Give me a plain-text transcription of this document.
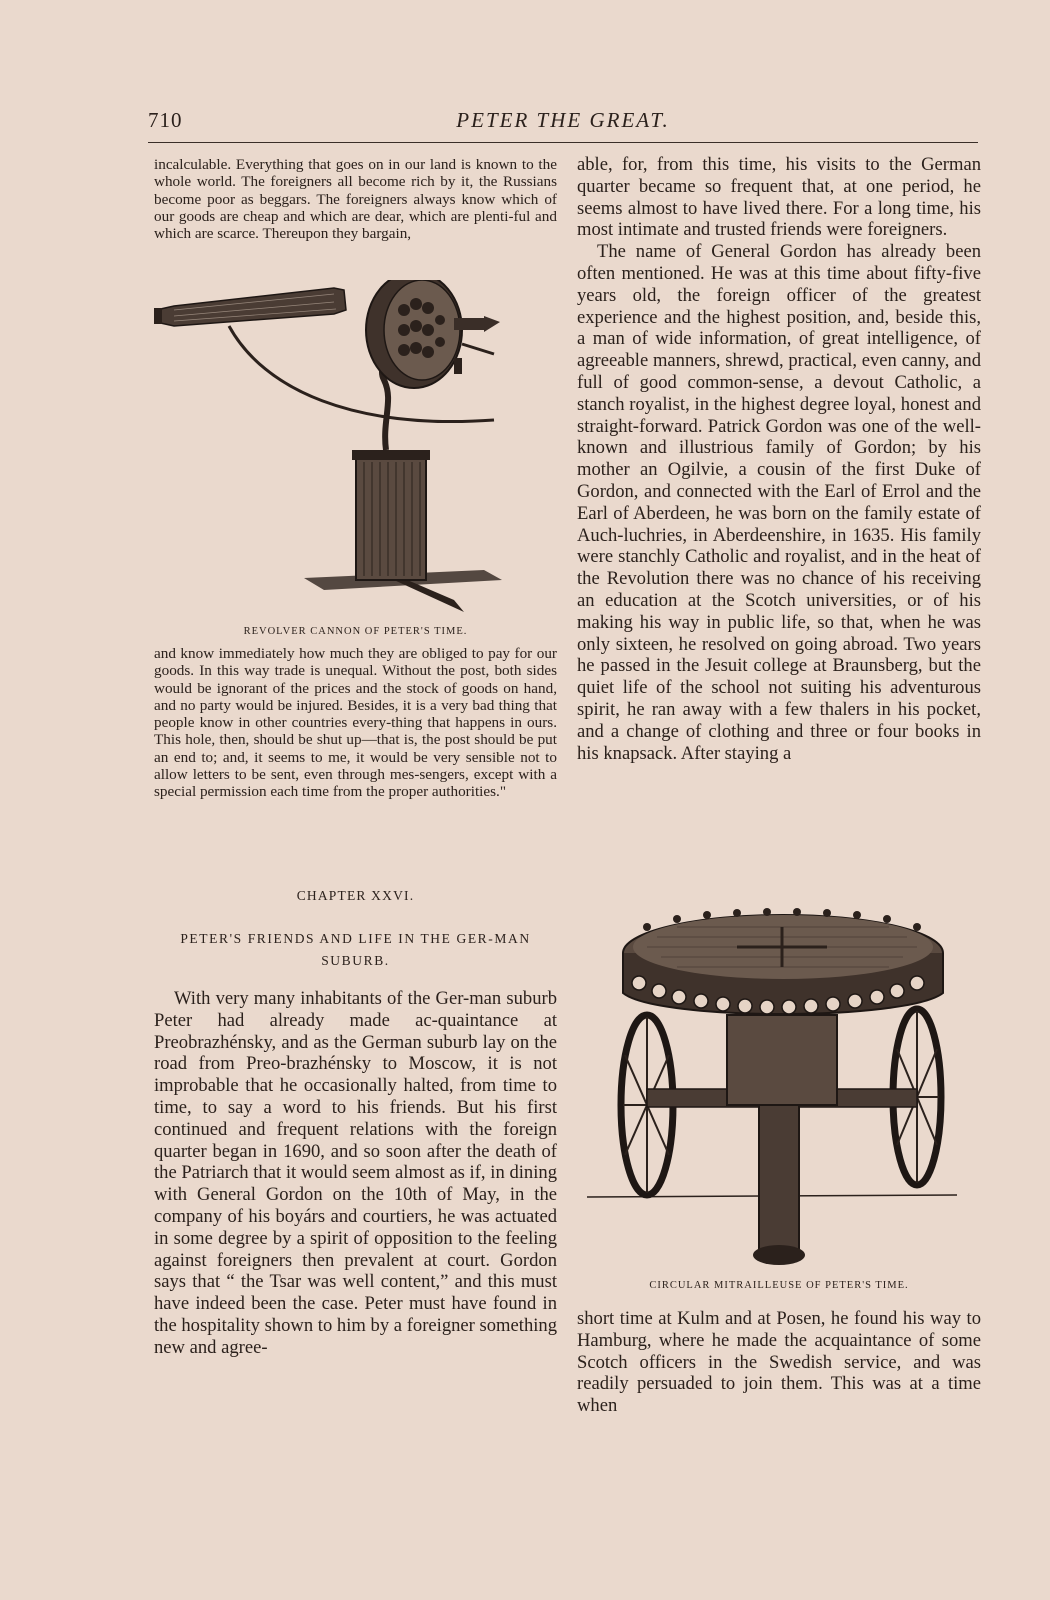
710	PETER THE GREAT.

incalculable. Everything that goes on in our land is known to the whole world. The foreigners all become rich by it, the Russians become poor as beggars. The foreigners always know which of our goods are cheap and which are dear, which are plenti-ful and which are scarce. Thereupon they bargain,

REVOLVER CANNON OF PETER'S TIME.

and know immediately how much they are obliged to pay for our goods. In this way trade is unequal. Without the post, both sides would be ignorant of the prices and the stock of goods on hand, and no party would be injured. Besides, it is a very bad thing that people know in other countries every-thing that happens in ours. This hole, then, should be shut up—that is, the post should be put an end to; and, it seems to me, it would be very sensible not to allow letters to be sent, even through mes-sengers, except with a special permission each time from the proper authorities."

CHAPTER XXVI.

PETER'S FRIENDS AND LIFE IN THE GER-MAN SUBURB.

With very many inhabitants of the Ger-man suburb Peter had already made ac-quaintance at Preobrazhénsky, and as the German suburb lay on the road from Preo-brazhénsky to Moscow, it is not improbable that he occasionally halted, from time to time, to say a word to his friends. But his first continued and frequent relations with the foreign quarter began in 1690, and so soon after the death of the Patriarch that it would seem almost as if, in dining with General Gordon on the 10th of May, in the company of his boyárs and courtiers, he was actuated in some degree by a spirit of opposition to the feeling against foreigners then prevalent at court. Gordon says that “ the Tsar was well content,” and this must have indeed been the case. Peter must have found in the hospitality shown to him by a foreigner something new and agree-

able, for, from this time, his visits to the German quarter became so frequent that, at one period, he seems almost to have lived there. For a long time, his most intimate and trusted friends were foreigners.

The name of General Gordon has already been often mentioned. He was at this time about fifty-five years old, the foreign officer of the greatest experience and the highest position, and, beside this, a man of wide information, of great intelligence, of agreeable manners, shrewd, practical, even canny, and full of good common-sense, a devout Catholic, a stanch royalist, in the highest degree loyal, honest and straight-forward. Patrick Gordon was one of the well-known and illustrious family of Gordon; by his mother an Ogilvie, a cousin of the first Duke of Gordon, and connected with the Earl of Errol and the Earl of Aberdeen, he was born on the family estate of Auch-luchries, in Aberdeenshire, in 1635. His family were stanchly Catholic and royalist, and in the heat of the Revolution there was no chance of his receiving an education at the Scotch universities, or of his making his way in public life, so that, when he was only sixteen, he resolved on going abroad. Two years he passed in the Jesuit college at Braunsberg, but the quiet life of the school not suiting his adventurous spirit, he ran away with a few thalers in his pocket, and a change of clothing and three or four books in his knapsack. After staying a

CIRCULAR MITRAILLEUSE OF PETER'S TIME.

short time at Kulm and at Posen, he found his way to Hamburg, where he made the acquaintance of some Scotch officers in the Swedish service, and was readily persuaded to join them. This was at a time when
